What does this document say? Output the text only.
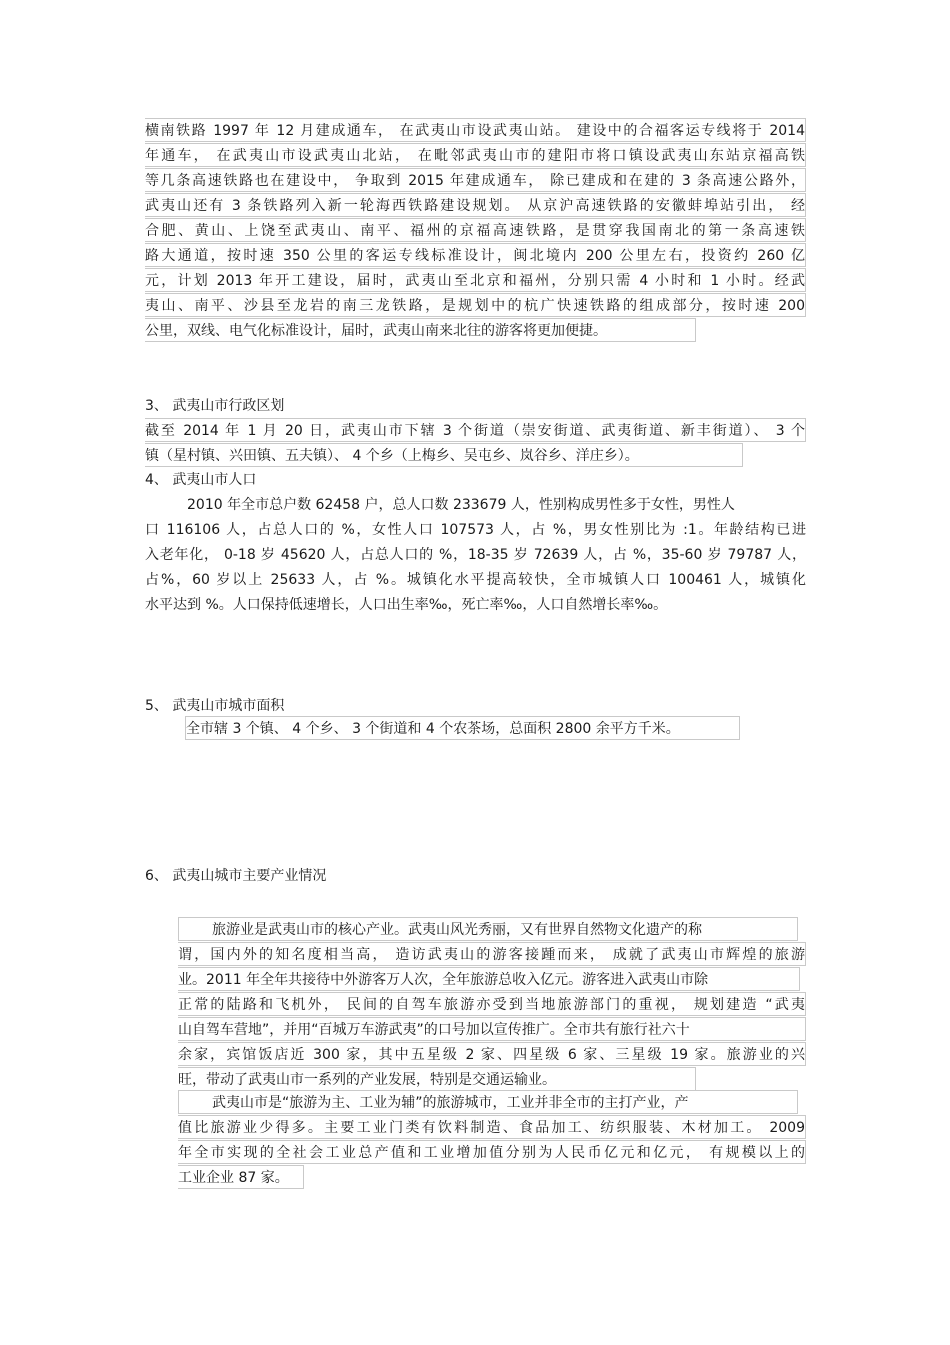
横南铁路 1997 年 12 月建成通车， 在武夷山市设武夷山站。 建设中的合福客运专线将于 2014
年通车， 在武夷山市设武夷山北站， 在毗邻武夷山市的建阳市将口镇设武夷山东站京福高铁
等几条高速铁路也在建设中， 争取到 2015 年建成通车， 除已建成和在建的 3 条高速公路外，
武夷山还有 3 条铁路列入新一轮海西铁路建设规划。 从京沪高速铁路的安徽蚌埠站引出， 经
合肥、黄山、上饶至武夷山、南平、福州的京福高速铁路，是贯穿我国南北的第一条高速铁
路大通道，按时速 350 公里的客运专线标准设计，闽北境内 200 公里左右，投资约 260 亿
元，计划 2013 年开工建设，届时，武夷山至北京和福州，分别只需 4 小时和 1 小时。经武
夷山、南平、沙县至龙岩的南三龙铁路，是规划中的杭广快速铁路的组成部分，按时速 200
公里，双线、电气化标准设计，届时，武夷山南来北往的游客将更加便捷。
3、 武夷山市行政区划
截至 2014 年 1 月 20 日，武夷山市下辖 3 个街道（崇安街道、武夷街道、新丰街道）、 3 个
镇（星村镇、兴田镇、五夫镇）、 4 个乡（上梅乡、吴屯乡、岚谷乡、洋庄乡）。
4、 武夷山市人口
2010 年全市总户数 62458 户，总人口数 233679 人，性别构成男性多于女性，男性人
口 116106 人，占总人口的 %，女性人口 107573 人，占 %，男女性别比为 :1。年龄结构已进
入老年化， 0-18 岁 45620 人，占总人口的 %，18-35 岁 72639 人，占 %，35-60 岁 79787 人，
占%，60 岁以上 25633 人，占 %。城镇化水平提高较快，全市城镇人口 100461 人，城镇化
水平达到 %。人口保持低速增长，人口出生率‰，死亡率‰，人口自然增长率‰。
5、 武夷山市城市面积
全市辖 3 个镇、 4 个乡、 3 个街道和 4 个农茶场，总面积 2800 余平方千米。
6、 武夷山城市主要产业情况
旅游业是武夷山市的核心产业。武夷山风光秀丽，又有世界自然物文化遗产的称
谓，国内外的知名度相当高， 造访武夷山的游客接踵而来， 成就了武夷山市辉煌的旅游
业。2011 年全年共接待中外游客万人次，全年旅游总收入亿元。游客进入武夷山市除
正常的陆路和飞机外， 民间的自驾车旅游亦受到当地旅游部门的重视， 规划建造 “武夷
山自驾车营地”，并用“百城万车游武夷”的口号加以宣传推广。全市共有旅行社六十
余家，宾馆饭店近 300 家，其中五星级 2 家、四星级 6 家、三星级 19 家。旅游业的兴
旺，带动了武夷山市一系列的产业发展，特别是交通运输业。
武夷山市是“旅游为主、工业为辅”的旅游城市，工业并非全市的主打产业，产
值比旅游业少得多。主要工业门类有饮料制造、食品加工、纺织服装、木材加工。 2009
年全市实现的全社会工业总产值和工业增加值分别为人民币亿元和亿元， 有规模以上的
工业企业 87 家。
